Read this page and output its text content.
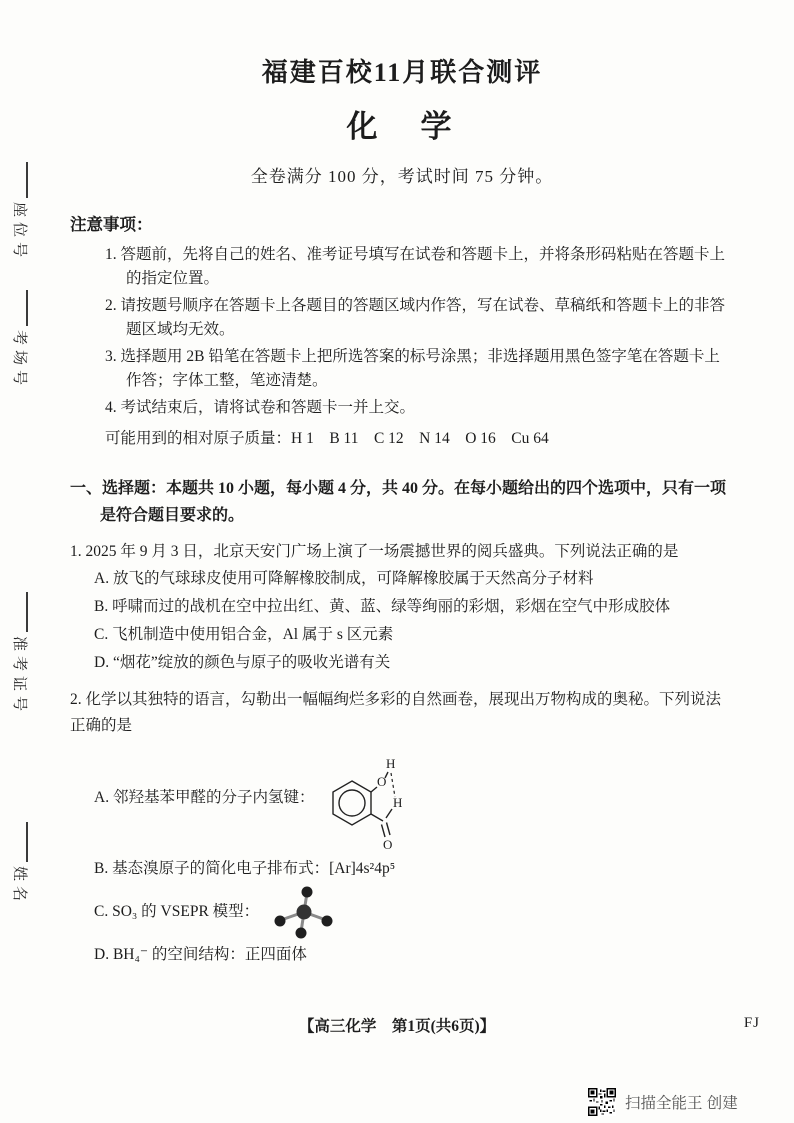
座位号
考场号
准考证号
姓名
福建百校11月联合测评
化　学
全卷满分 100 分，考试时间 75 分钟。
注意事项：
1. 答题前，先将自己的姓名、准考证号填写在试卷和答题卡上，并将条形码粘贴在答题卡上的指定位置。
2. 请按题号顺序在答题卡上各题目的答题区域内作答，写在试卷、草稿纸和答题卡上的非答题区域均无效。
3. 选择题用 2B 铅笔在答题卡上把所选答案的标号涂黑；非选择题用黑色签字笔在答题卡上作答；字体工整，笔迹清楚。
4. 考试结束后，请将试卷和答题卡一并上交。
可能用到的相对原子质量：H 1　B 11　C 12　N 14　O 16　Cu 64
一、选择题：本题共 10 小题，每小题 4 分，共 40 分。在每小题给出的四个选项中，只有一项是符合题目要求的。
1. 2025 年 9 月 3 日，北京天安门广场上演了一场震撼世界的阅兵盛典。下列说法正确的是
A. 放飞的气球球皮使用可降解橡胶制成，可降解橡胶属于天然高分子材料
B. 呼啸而过的战机在空中拉出红、黄、蓝、绿等绚丽的彩烟，彩烟在空气中形成胶体
C. 飞机制造中使用铝合金，Al 属于 s 区元素
D. “烟花”绽放的颜色与原子的吸收光谱有关
2. 化学以其独特的语言，勾勒出一幅幅绚烂多彩的自然画卷，展现出万物构成的奥秘。下列说法正确的是
A. 邻羟基苯甲醛的分子内氢键：
O
H
H
O
B. 基态溴原子的简化电子排布式：[Ar]4s²4p⁵
C. SO₃ 的 VSEPR 模型：
D. BH₄⁻ 的空间结构：正四面体
【高三化学　第1页(共6页)】	FJ
扫描全能王 创建
